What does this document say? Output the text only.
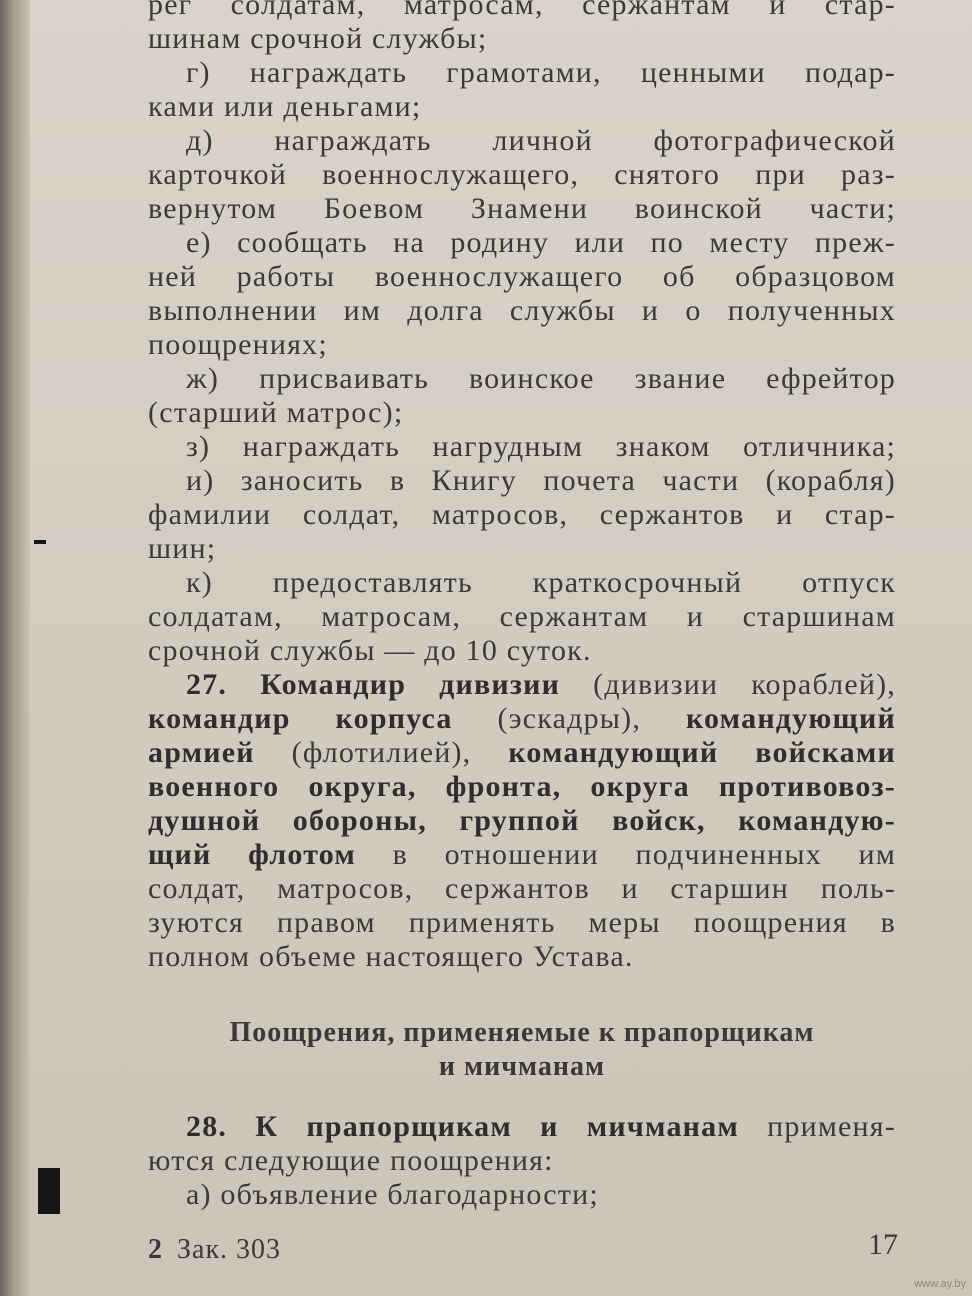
рег солдатам, матросам, сержантам и стар-
шинам срочной службы;
г) награждать грамотами, ценными подар-
ками или деньгами;
д) награждать личной фотографической
карточкой военнослужащего, снятого при раз-
вернутом Боевом Знамени воинской части;
е) сообщать на родину или по месту преж-
ней работы военнослужащего об образцовом
выполнении им долга службы и о полученных
поощрениях;
ж) присваивать воинское звание ефрейтор
(старший матрос);
з) награждать нагрудным знаком отличника;
и) заносить в Книгу почета части (корабля)
фамилии солдат, матросов, сержантов и стар-
шин;
к) предоставлять краткосрочный отпуск
солдатам, матросам, сержантам и старшинам
срочной службы — до 10 суток.
27. Командир дивизии (дивизии кораблей),
командир корпуса (эскадры), командующий
армией (флотилией), командующий войсками
военного округа, фронта, округа противовоз-
душной обороны, группой войск, командую-
щий флотом в отношении подчиненных им
солдат, матросов, сержантов и старшин поль-
зуются правом применять меры поощрения в
полном объеме настоящего Устава.
Поощрения, применяемые к прапорщикам
и мичманам
28. К прапорщикам и мичманам применя-
ются следующие поощрения:
а) объявление благодарности;
2 Зак. 303	17
www.ay.by
